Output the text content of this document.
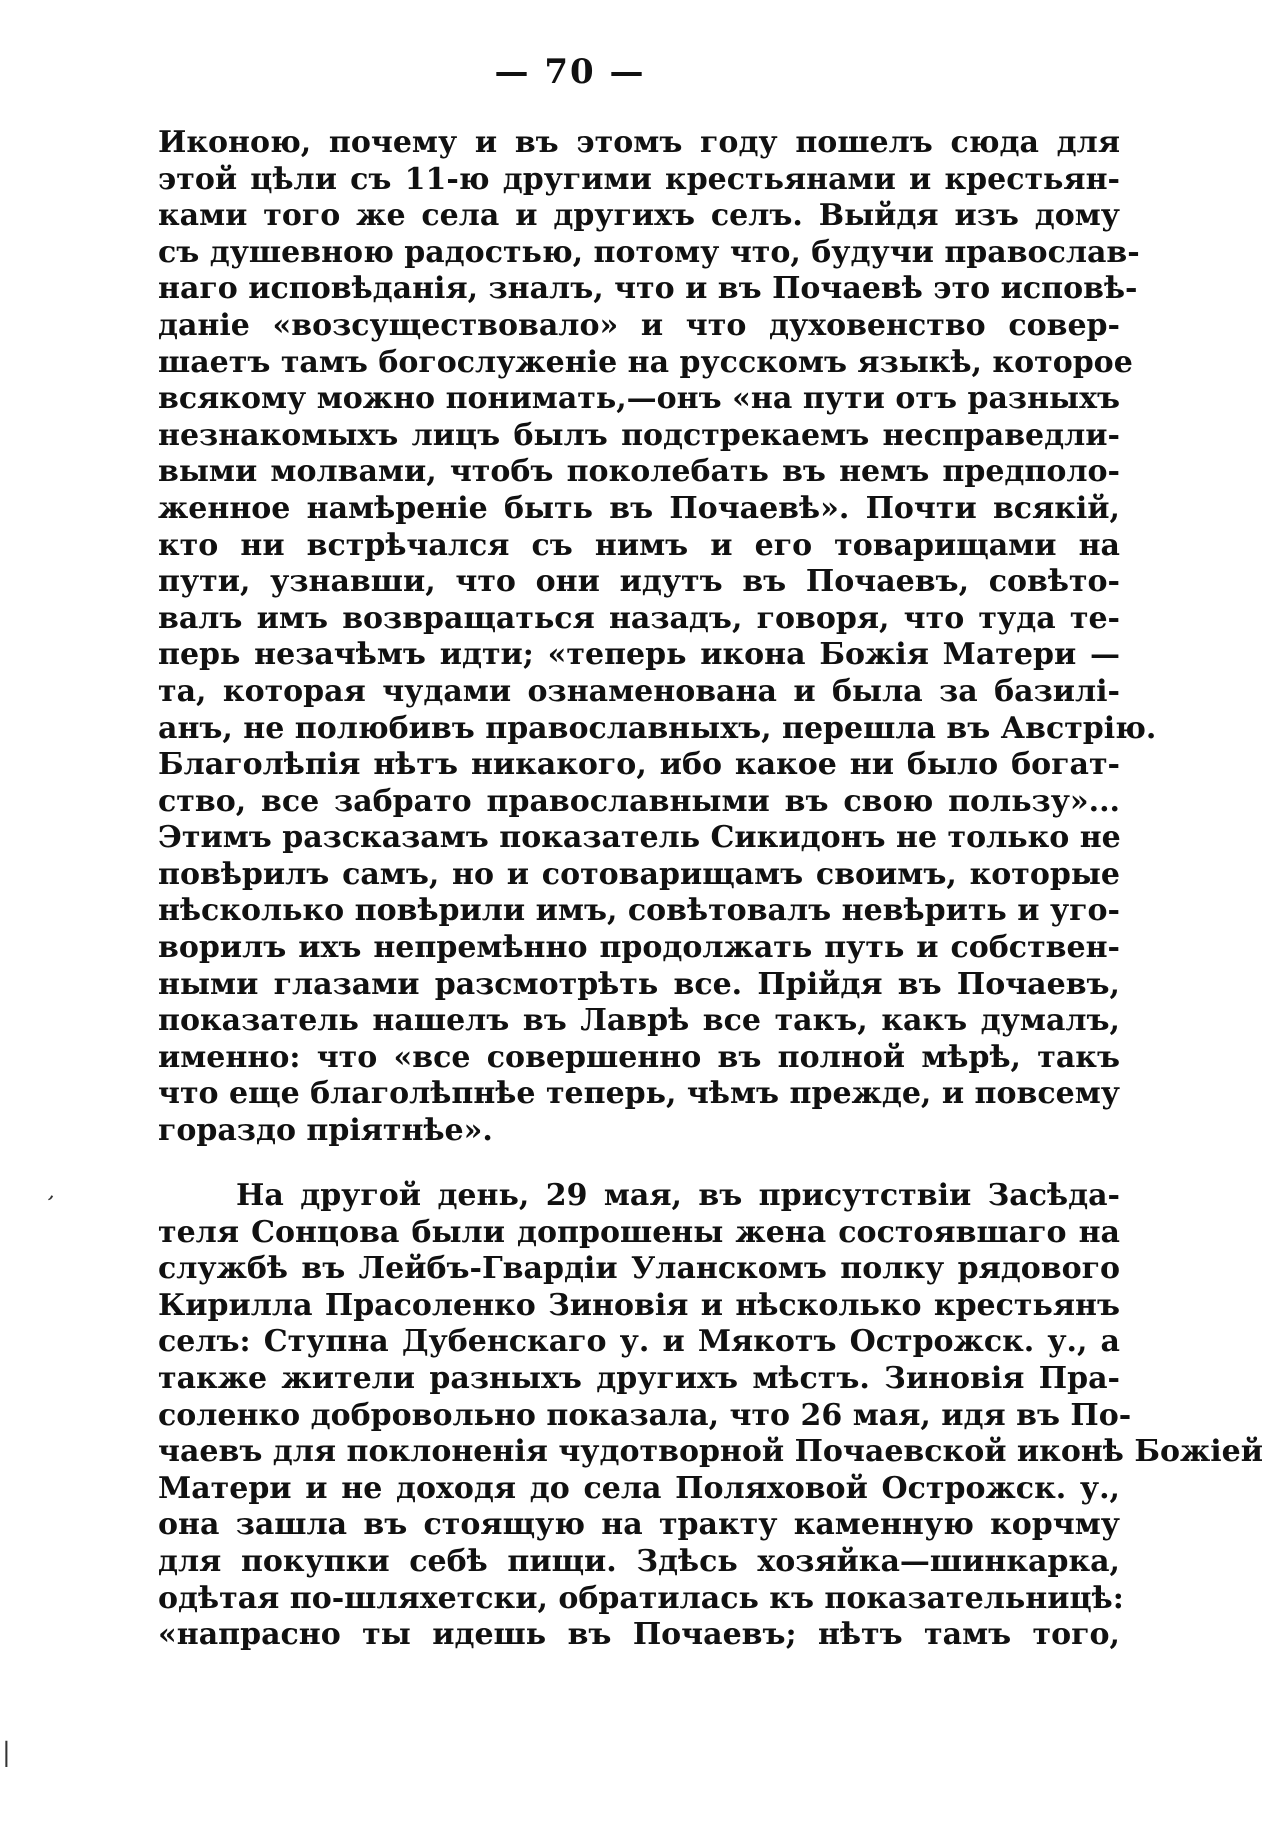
— 70 —
Иконою, почему и въ этомъ году пошелъ сюда для
этой цѣли съ 11-ю другими крестьянами и крестьян-
ками того же села и другихъ селъ. Выйдя изъ дому
съ душевною радостью, потому что, будучи православ-
наго исповѣданія, зналъ, что и въ Почаевѣ это исповѣ-
даніе «возсуществовало» и что духовенство совер-
шаетъ тамъ богослуженіе на русскомъ языкѣ, которое
всякому можно понимать,—онъ «на пути отъ разныхъ
незнакомыхъ лицъ былъ подстрекаемъ несправедли-
выми молвами, чтобъ поколебать въ немъ предполо-
женное намѣреніе быть въ Почаевѣ». Почти всякій,
кто ни встрѣчался съ нимъ и его товарищами на
пути, узнавши, что они идутъ въ Почаевъ, совѣто-
валъ имъ возвращаться назадъ, говоря, что туда те-
перь незачѣмъ идти; «теперь икона Божія Матери —
та, которая чудами ознаменована и была за базилі-
анъ, не полюбивъ православныхъ, перешла въ Австрію.
Благолѣпія нѣтъ никакого, ибо какое ни было богат-
ство, все забрато православными въ свою пользу»...
Этимъ разсказамъ показатель Сикидонъ не только не
повѣрилъ самъ, но и сотоварищамъ своимъ, которые
нѣсколько повѣрили имъ, совѣтовалъ невѣрить и уго-
ворилъ ихъ непремѣнно продолжать путь и собствен-
ными глазами разсмотрѣть все. Прійдя въ Почаевъ,
показатель нашелъ въ Лаврѣ все такъ, какъ думалъ,
именно: что «все совершенно въ полной мѣрѣ, такъ
что еще благолѣпнѣе теперь, чѣмъ прежде, и повсему
гораздо пріятнѣе».
На другой день, 29 мая, въ присутствіи Засѣда-
теля Сонцова были допрошены жена состоявшаго на
службѣ въ Лейбъ-Гвардіи Уланскомъ полку рядового
Кирилла Прасоленко Зиновія и нѣсколько крестьянъ
селъ: Ступна Дубенскаго у. и Мякотъ Острожск. у., а
также жители разныхъ другихъ мѣстъ. Зиновія Пра-
соленко добровольно показала, что 26 мая, идя въ По-
чаевъ для поклоненія чудотворной Почаевской иконѣ Божіей
Матери и не доходя до села Поляховой Острожск. у.,
она зашла въ стоящую на тракту каменную корчму
для покупки себѣ пищи. Здѣсь хозяйка—шинкарка,
одѣтая по-шляхетски, обратилась къ показательницѣ:
«напрасно ты идешь въ Почаевъ; нѣтъ тамъ того,
ʼ
|
